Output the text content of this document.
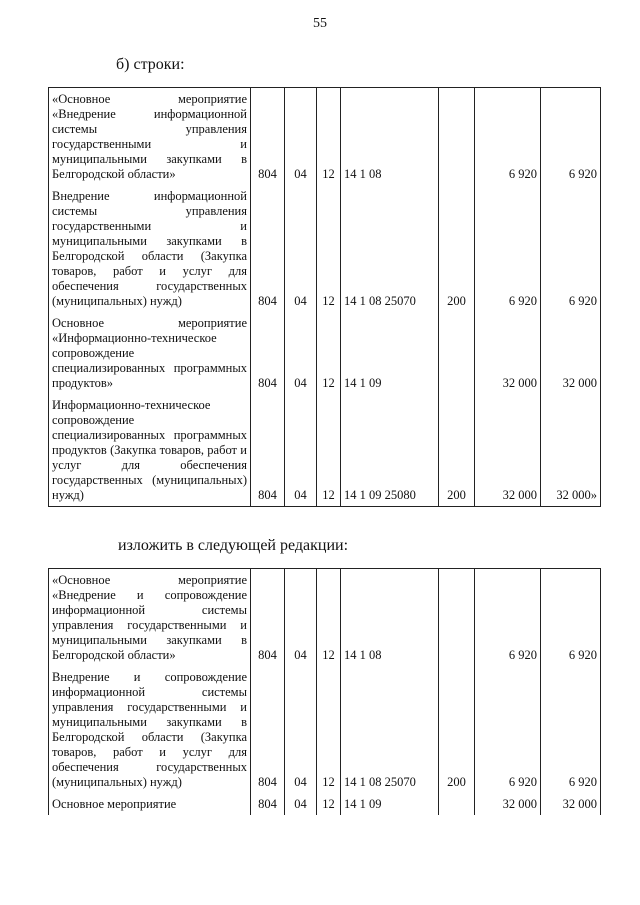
55
б) строки:
«Основное мероприятие «Внедрение информационной системы управления государственными и муниципальными закупками в Белгородской области»	804	04	12	14 1 08		6 920	6 920
Внедрение информационной системы управления государственными и муниципальными закупками в Белгородской области (Закупка товаров, работ и услуг для обеспечения государственных (муниципальных) нужд)	804	04	12	14 1 08 25070	200	6 920	6 920
Основное мероприятие «Информационно-техническое сопровождение специализированных программных продуктов»	804	04	12	14 1 09		32 000	32 000
Информационно-техническое сопровождение специализированных программных продуктов (Закупка товаров, работ и услуг для обеспечения государственных (муниципальных) нужд)	804	04	12	14 1 09 25080	200	32 000	32 000»
изложить в следующей редакции:
«Основное мероприятие «Внедрение и сопровождение информационной системы управления государственными и муниципальными закупками в Белгородской области»	804	04	12	14 1 08		6 920	6 920
Внедрение и сопровождение информационной системы управления государственными и муниципальными закупками в Белгородской области (Закупка товаров, работ и услуг для обеспечения государственных (муниципальных) нужд)	804	04	12	14 1 08 25070	200	6 920	6 920
Основное мероприятие	804	04	12	14 1 09		32 000	32 000
